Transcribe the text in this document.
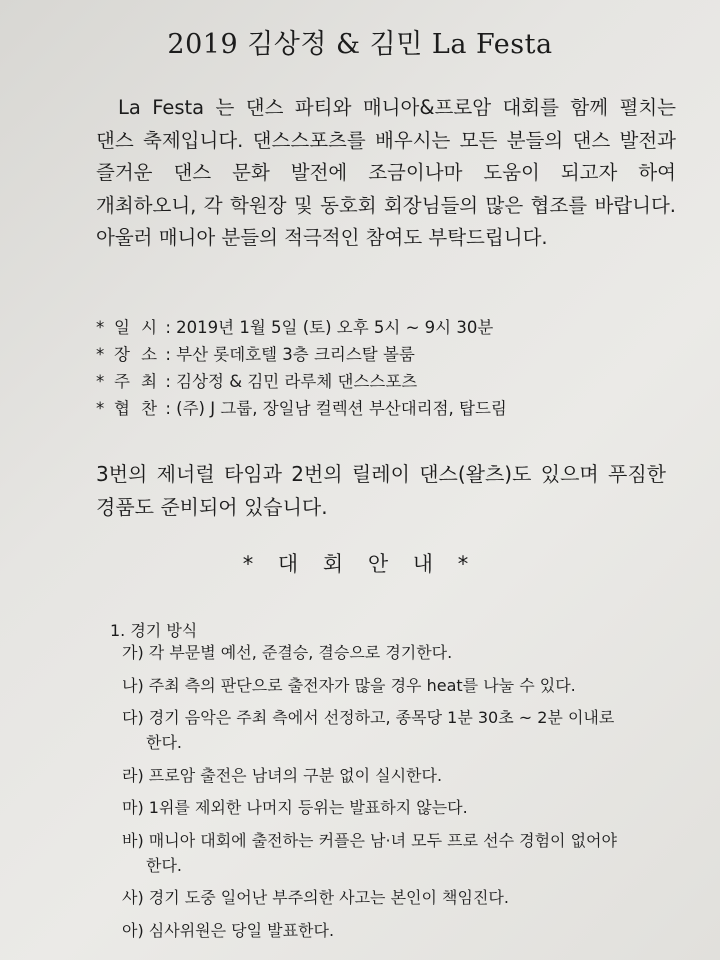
2019 김상정 & 김민 La Festa

La Festa 는 댄스 파티와 매니아&프로암 대회를 함께 펼치는 댄스 축제입니다. 댄스스포츠를 배우시는 모든 분들의 댄스 발전과 즐거운 댄스 문화 발전에 조금이나마 도움이 되고자 하여 개최하오니, 각 학원장 및 동호회 회장님들의 많은 협조를 바랍니다. 아울러 매니아 분들의 적극적인 참여도 부탁드립니다.

* 일 시 : 2019년 1월 5일 (토) 오후 5시 ~ 9시 30분
* 장 소 : 부산 롯데호텔 3층 크리스탈 볼룸
* 주 최 : 김상정 & 김민 라루체 댄스스포츠
* 협 찬 : (주) J 그룹, 장일남 컬렉션 부산대리점, 탑드림

3번의 제너럴 타임과 2번의 릴레이 댄스(왈츠)도 있으며 푸짐한 경품도 준비되어 있습니다.

* 대 회 안 내 *
1. 경기 방식
가) 각 부문별 예선, 준결승, 결승으로 경기한다.
나) 주최 측의 판단으로 출전자가 많을 경우 heat를 나눌 수 있다.
다) 경기 음악은 주최 측에서 선정하고, 종목당 1분 30초 ~ 2분 이내로 한다.
라) 프로암 출전은 남녀의 구분 없이 실시한다.
마) 1위를 제외한 나머지 등위는 발표하지 않는다.
바) 매니아 대회에 출전하는 커플은 남·녀 모두 프로 선수 경험이 없어야 한다.
사) 경기 도중 일어난 부주의한 사고는 본인이 책임진다.
아) 심사위원은 당일 발표한다.
